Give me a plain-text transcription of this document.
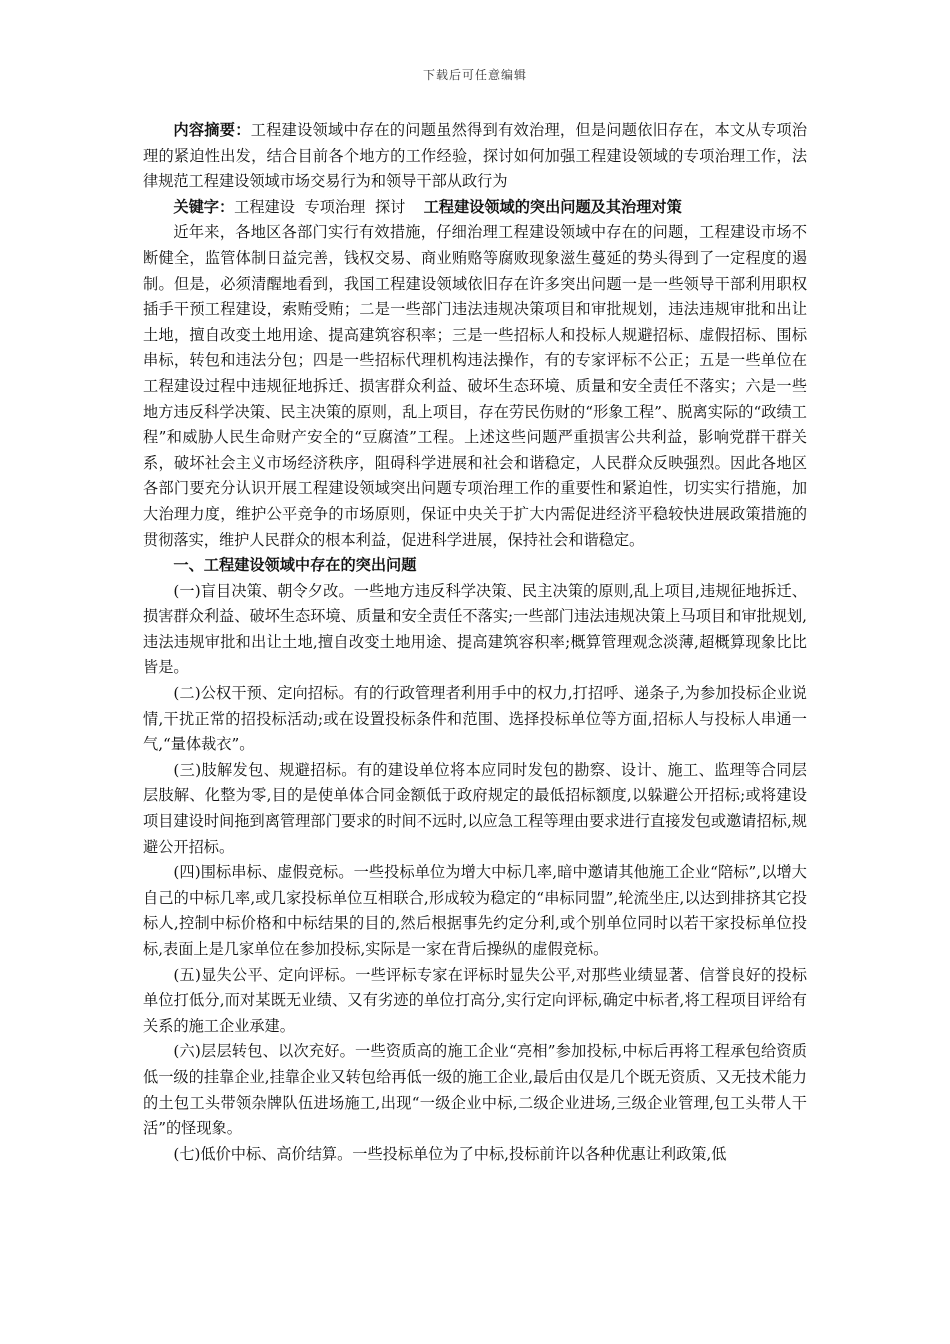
下载后可任意编辑

内容摘要：工程建设领域中存在的问题虽然得到有效治理，但是问题依旧存在，本文从专项治理的紧迫性出发，结合目前各个地方的工作经验，探讨如何加强工程建设领域的专项治理工作，法律规范工程建设领域市场交易行为和领导干部从政行为

关键字：工程建设  专项治理  探讨 工程建设领域的突出问题及其治理对策

近年来，各地区各部门实行有效措施，仔细治理工程建设领域中存在的问题，工程建设市场不断健全，监管体制日益完善，钱权交易、商业贿赂等腐败现象滋生蔓延的势头得到了一定程度的遏制。但是，必须清醒地看到，我国工程建设领域依旧存在许多突出问题一是一些领导干部利用职权插手干预工程建设，索贿受贿；二是一些部门违法违规决策项目和审批规划，违法违规审批和出让土地，擅自改变土地用途、提高建筑容积率；三是一些招标人和投标人规避招标、虚假招标、围标串标，转包和违法分包；四是一些招标代理机构违法操作，有的专家评标不公正；五是一些单位在工程建设过程中违规征地拆迁、损害群众利益、破坏生态环境、质量和安全责任不落实；六是一些地方违反科学决策、民主决策的原则，乱上项目，存在劳民伤财的“形象工程”、脱离实际的“政绩工程”和威胁人民生命财产安全的“豆腐渣”工程。上述这些问题严重损害公共利益，影响党群干群关系，破坏社会主义市场经济秩序，阻碍科学进展和社会和谐稳定，人民群众反映强烈。因此各地区各部门要充分认识开展工程建设领域突出问题专项治理工作的重要性和紧迫性，切实实行措施，加大治理力度，维护公平竞争的市场原则，保证中央关于扩大内需促进经济平稳较快进展政策措施的贯彻落实，维护人民群众的根本利益，促进科学进展，保持社会和谐稳定。

一、工程建设领域中存在的突出问题

(一)盲目决策、朝令夕改。一些地方违反科学决策、民主决策的原则,乱上项目,违规征地拆迁、损害群众利益、破坏生态环境、质量和安全责任不落实;一些部门违法违规决策上马项目和审批规划,违法违规审批和出让土地,擅自改变土地用途、提高建筑容积率;概算管理观念淡薄,超概算现象比比皆是。

(二)公权干预、定向招标。有的行政管理者利用手中的权力,打招呼、递条子,为参加投标企业说情,干扰正常的招投标活动;或在设置投标条件和范围、选择投标单位等方面,招标人与投标人串通一气,“量体裁衣”。

(三)肢解发包、规避招标。有的建设单位将本应同时发包的勘察、设计、施工、监理等合同层层肢解、化整为零,目的是使单体合同金额低于政府规定的最低招标额度,以躲避公开招标;或将建设项目建设时间拖到离管理部门要求的时间不远时,以应急工程等理由要求进行直接发包或邀请招标,规避公开招标。

(四)围标串标、虚假竞标。一些投标单位为增大中标几率,暗中邀请其他施工企业“陪标”,以增大自己的中标几率,或几家投标单位互相联合,形成较为稳定的“串标同盟”,轮流坐庄,以达到排挤其它投标人,控制中标价格和中标结果的目的,然后根据事先约定分利,或个别单位同时以若干家投标单位投标,表面上是几家单位在参加投标,实际是一家在背后操纵的虚假竞标。

(五)显失公平、定向评标。一些评标专家在评标时显失公平,对那些业绩显著、信誉良好的投标单位打低分,而对某既无业绩、又有劣迹的单位打高分,实行定向评标,确定中标者,将工程项目评给有关系的施工企业承建。

(六)层层转包、以次充好。一些资质高的施工企业“亮相”参加投标,中标后再将工程承包给资质低一级的挂靠企业,挂靠企业又转包给再低一级的施工企业,最后由仅是几个既无资质、又无技术能力的土包工头带领杂牌队伍进场施工,出现“一级企业中标,二级企业进场,三级企业管理,包工头带人干活”的怪现象。

(七)低价中标、高价结算。一些投标单位为了中标,投标前许以各种优惠让利政策,低
